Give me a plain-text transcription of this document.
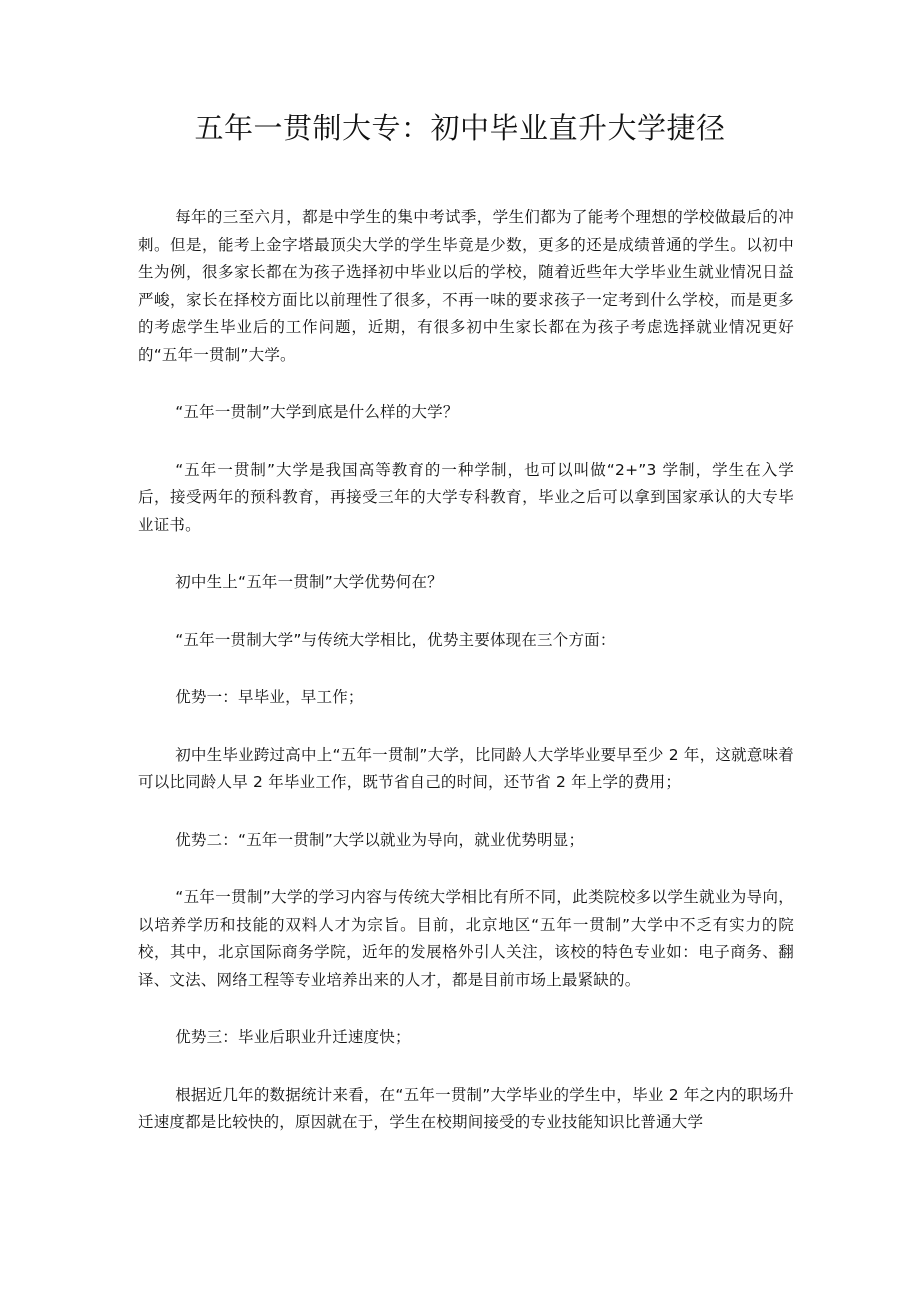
五年一贯制大专：初中毕业直升大学捷径

每年的三至六月，都是中学生的集中考试季，学生们都为了能考个理想的学校做最后的冲刺。但是，能考上金字塔最顶尖大学的学生毕竟是少数，更多的还是成绩普通的学生。以初中生为例，很多家长都在为孩子选择初中毕业以后的学校，随着近些年大学毕业生就业情况日益严峻，家长在择校方面比以前理性了很多，不再一味的要求孩子一定考到什么学校，而是更多的考虑学生毕业后的工作问题，近期，有很多初中生家长都在为孩子考虑选择就业情况更好的“五年一贯制”大学。

“五年一贯制”大学到底是什么样的大学？

“五年一贯制”大学是我国高等教育的一种学制，也可以叫做“2+”3 学制，学生在入学后，接受两年的预科教育，再接受三年的大学专科教育，毕业之后可以拿到国家承认的大专毕业证书。

初中生上“五年一贯制”大学优势何在？

“五年一贯制大学”与传统大学相比，优势主要体现在三个方面：

优势一：早毕业，早工作；

初中生毕业跨过高中上“五年一贯制”大学，比同龄人大学毕业要早至少 2 年，这就意味着可以比同龄人早 2 年毕业工作，既节省自己的时间，还节省 2 年上学的费用；

优势二：“五年一贯制”大学以就业为导向，就业优势明显；

“五年一贯制”大学的学习内容与传统大学相比有所不同，此类院校多以学生就业为导向，以培养学历和技能的双料人才为宗旨。目前，北京地区“五年一贯制”大学中不乏有实力的院校，其中，北京国际商务学院，近年的发展格外引人关注，该校的特色专业如：电子商务、翻译、文法、网络工程等专业培养出来的人才，都是目前市场上最紧缺的。

优势三：毕业后职业升迁速度快；

根据近几年的数据统计来看，在“五年一贯制”大学毕业的学生中，毕业 2 年之内的职场升迁速度都是比较快的，原因就在于，学生在校期间接受的专业技能知识比普通大学
